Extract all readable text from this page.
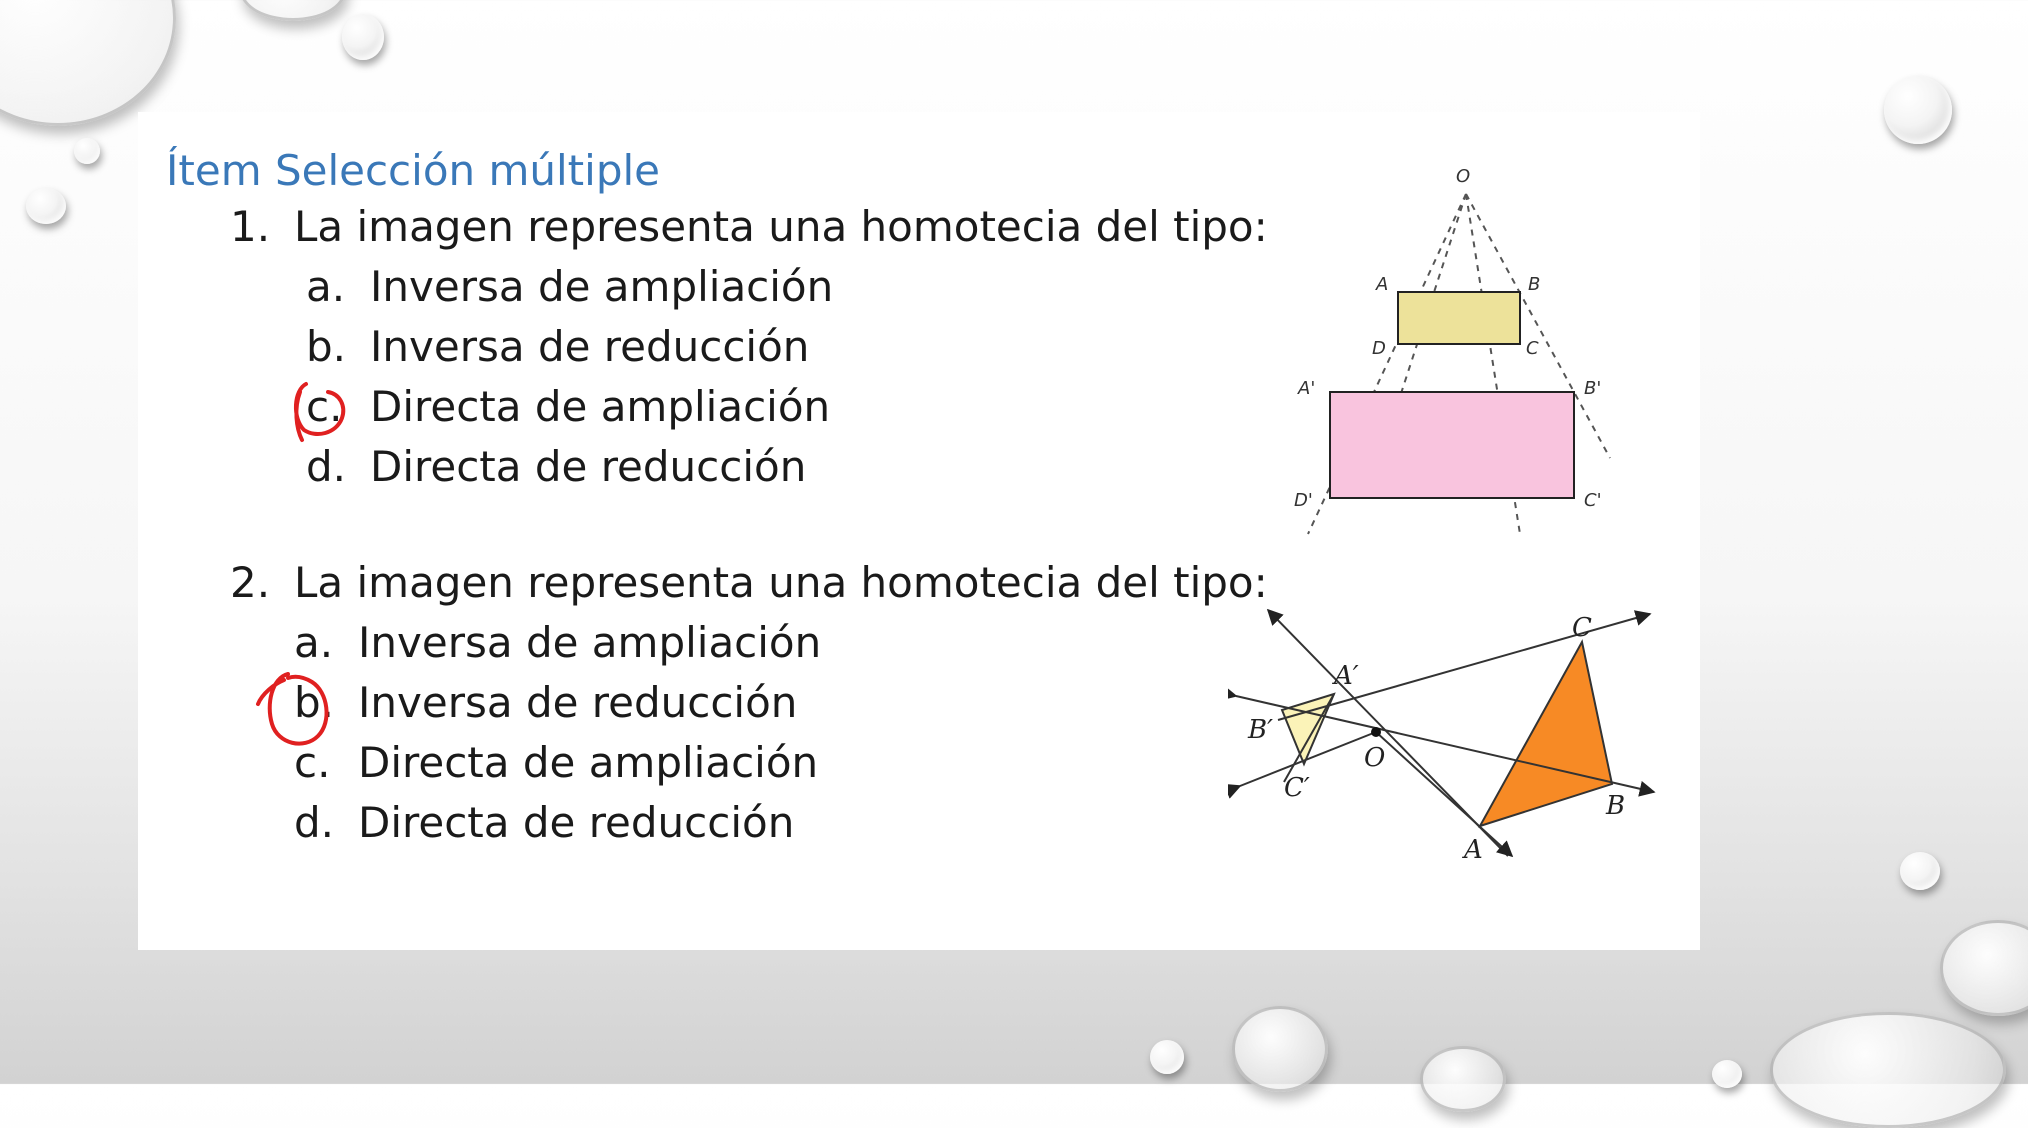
Ítem Selección múltiple
1. La imagen representa una homotecia del tipo:
a. Inversa de ampliación
b. Inversa de reducción
c. Directa de ampliación
d. Directa de reducción
2. La imagen representa una homotecia del tipo:
a. Inversa de ampliación
b. Inversa de reducción
c. Directa de ampliación
d. Directa de reducción
O
A	B
D	C
A'	B'
D'	C'
C
A′
B′
O
C′
B
A
